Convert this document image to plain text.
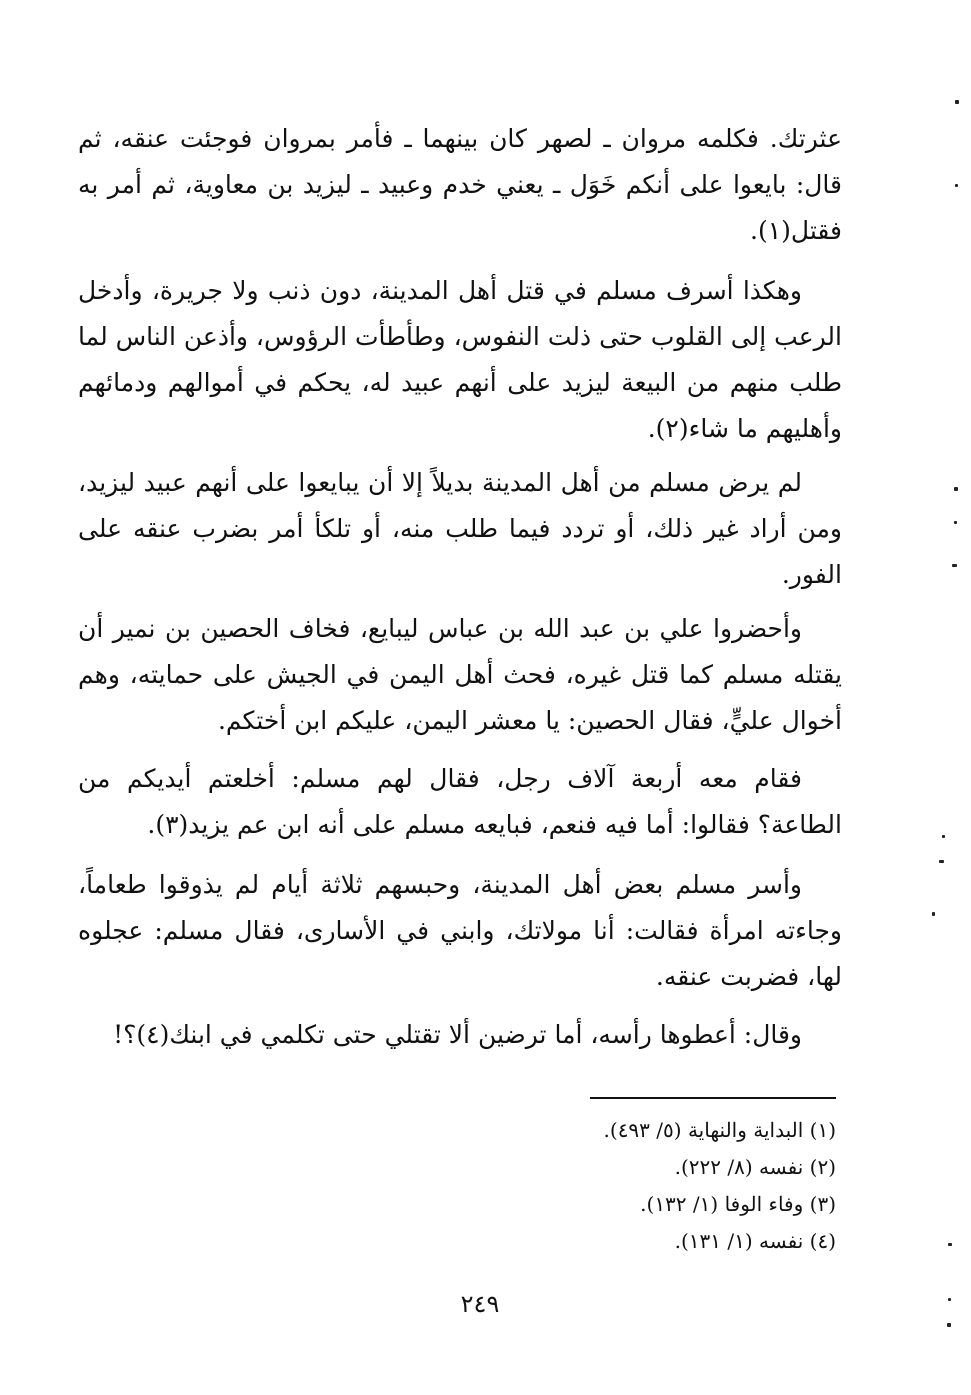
عثرتك. فكلمه مروان ـ لصهر كان بينهما ـ فأمر بمروان فوجئت عنقه، ثم قال: بايعوا على أنكم خَوَل ـ يعني خدم وعبيد ـ ليزيد بن معاوية، ثم أمر به فقتل(١).

وهكذا أسرف مسلم في قتل أهل المدينة، دون ذنب ولا جريرة، وأدخل الرعب إلى القلوب حتى ذلت النفوس، وطأطأت الرؤوس، وأذعن الناس لما طلب منهم من البيعة ليزيد على أنهم عبيد له، يحكم في أموالهم ودمائهم وأهليهم ما شاء(٢).

لم يرض مسلم من أهل المدينة بديلاً إلا أن يبايعوا على أنهم عبيد ليزيد، ومن أراد غير ذلك، أو تردد فيما طلب منه، أو تلكأ أمر بضرب عنقه على الفور.

وأحضروا علي بن عبد الله بن عباس ليبايع، فخاف الحصين بن نمير أن يقتله مسلم كما قتل غيره، فحث أهل اليمن في الجيش على حمايته، وهم أخوال عليٍّ، فقال الحصين: يا معشر اليمن، عليكم ابن أختكم.

فقام معه أربعة آلاف رجل، فقال لهم مسلم: أخلعتم أيديكم من الطاعة؟ فقالوا: أما فيه فنعم، فبايعه مسلم على أنه ابن عم يزيد(٣).

وأسر مسلم بعض أهل المدينة، وحبسهم ثلاثة أيام لم يذوقوا طعاماً، وجاءته امرأة فقالت: أنا مولاتك، وابني في الأسارى، فقال مسلم: عجلوه لها، فضربت عنقه.

وقال: أعطوها رأسه، أما ترضين ألا تقتلي حتى تكلمي في ابنك(٤)؟!

(١) البداية والنهاية (٥/ ٤٩٣).

(٢) نفسه (٨/ ٢٢٢).

(٣) وفاء الوفا (١/ ١٣٢).

(٤) نفسه (١/ ١٣١).

٢٤٩
